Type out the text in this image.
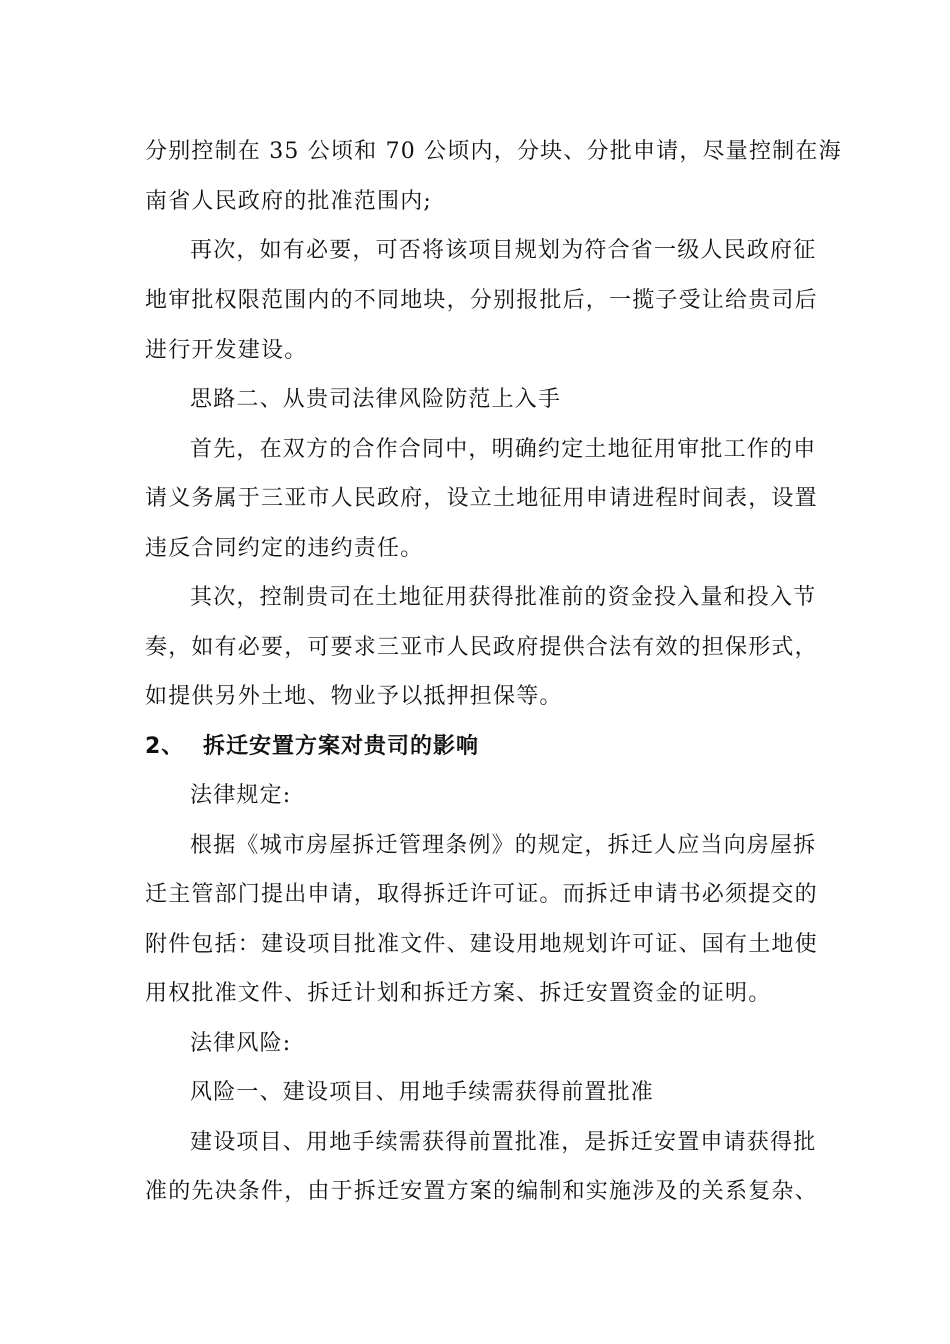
分别控制在 35 公顷和 70 公顷内，分块、分批申请，尽量控制在海
南省人民政府的批准范围内;
再次，如有必要，可否将该项目规划为符合省一级人民政府征
地审批权限范围内的不同地块，分别报批后，一揽子受让给贵司后
进行开发建设。
思路二、从贵司法律风险防范上入手
首先，在双方的合作合同中，明确约定土地征用审批工作的申
请义务属于三亚市人民政府，设立土地征用申请进程时间表，设置
违反合同约定的违约责任。
其次，控制贵司在土地征用获得批准前的资金投入量和投入节
奏，如有必要，可要求三亚市人民政府提供合法有效的担保形式，
如提供另外土地、物业予以抵押担保等。
2、 拆迁安置方案对贵司的影响
法律规定:
根据《城市房屋拆迁管理条例》的规定，拆迁人应当向房屋拆
迁主管部门提出申请，取得拆迁许可证。而拆迁申请书必须提交的
附件包括：建设项目批准文件、建设用地规划许可证、国有土地使
用权批准文件、拆迁计划和拆迁方案、拆迁安置资金的证明。
法律风险:
风险一、建设项目、用地手续需获得前置批准
建设项目、用地手续需获得前置批准，是拆迁安置申请获得批
准的先决条件，由于拆迁安置方案的编制和实施涉及的关系复杂、
